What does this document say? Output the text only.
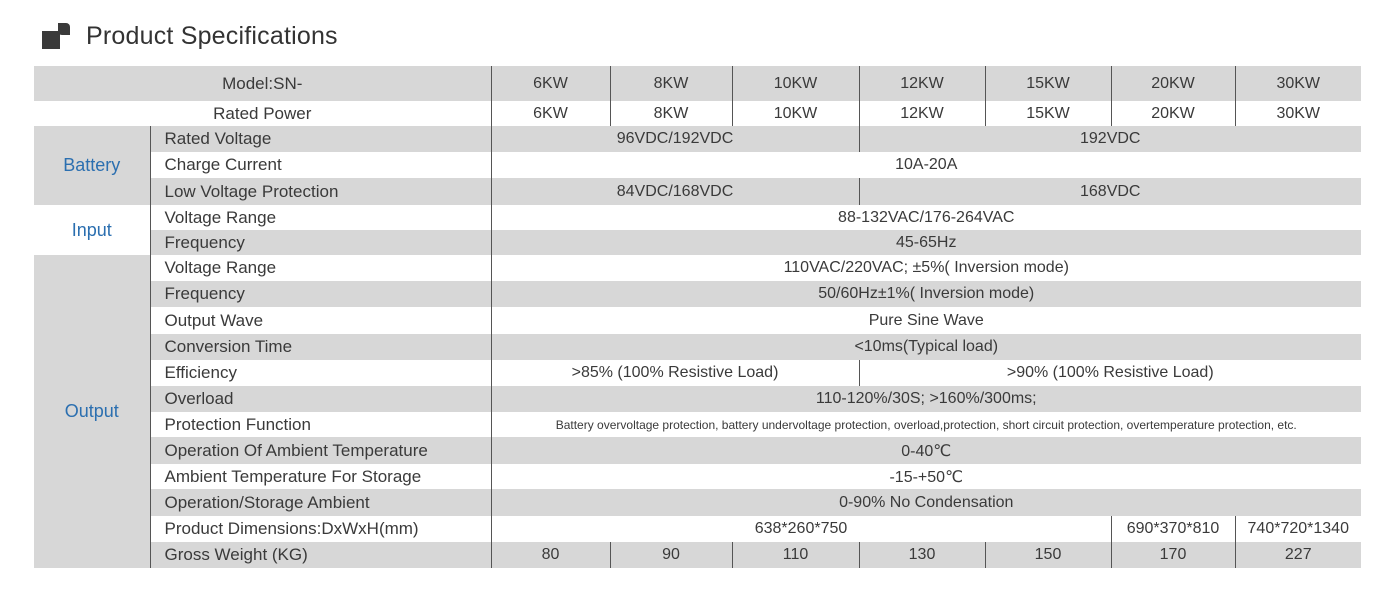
Product Specifications
Model:SN-		6KW	8KW	10KW	12KW	15KW	20KW	30KW
Rated Power		6KW	8KW	10KW	12KW	15KW	20KW	30KW
Battery	Rated Voltage	96VDC/192VDC			192VDC			
	Charge Current	10A-20A						
	Low Voltage Protection	84VDC/168VDC			168VDC			
Input	Voltage Range	88-132VAC/176-264VAC						
	Frequency	45-65Hz						
Output	Voltage Range	110VAC/220VAC; ±5%( Inversion mode)						
	Frequency	50/60Hz±1%( Inversion mode)						
	Output Wave	Pure Sine Wave						
	Conversion Time	<10ms(Typical load)						
	Efficiency	>85% (100% Resistive Load)			>90% (100% Resistive Load)			
	Overload	110-120%/30S; >160%/300ms;						
	Protection Function	Battery overvoltage protection, battery undervoltage protection, overload,protection, short circuit protection, overtemperature protection, etc.						
	Operation Of Ambient Temperature	0-40℃						
	Ambient Temperature For Storage	-15-+50℃						
	Operation/Storage Ambient	0-90% No Condensation						
	Product Dimensions:DxWxH(mm)	638*260*750					690*370*810	740*720*1340
	Gross Weight (KG)	80	90	110	130	150	170	227
